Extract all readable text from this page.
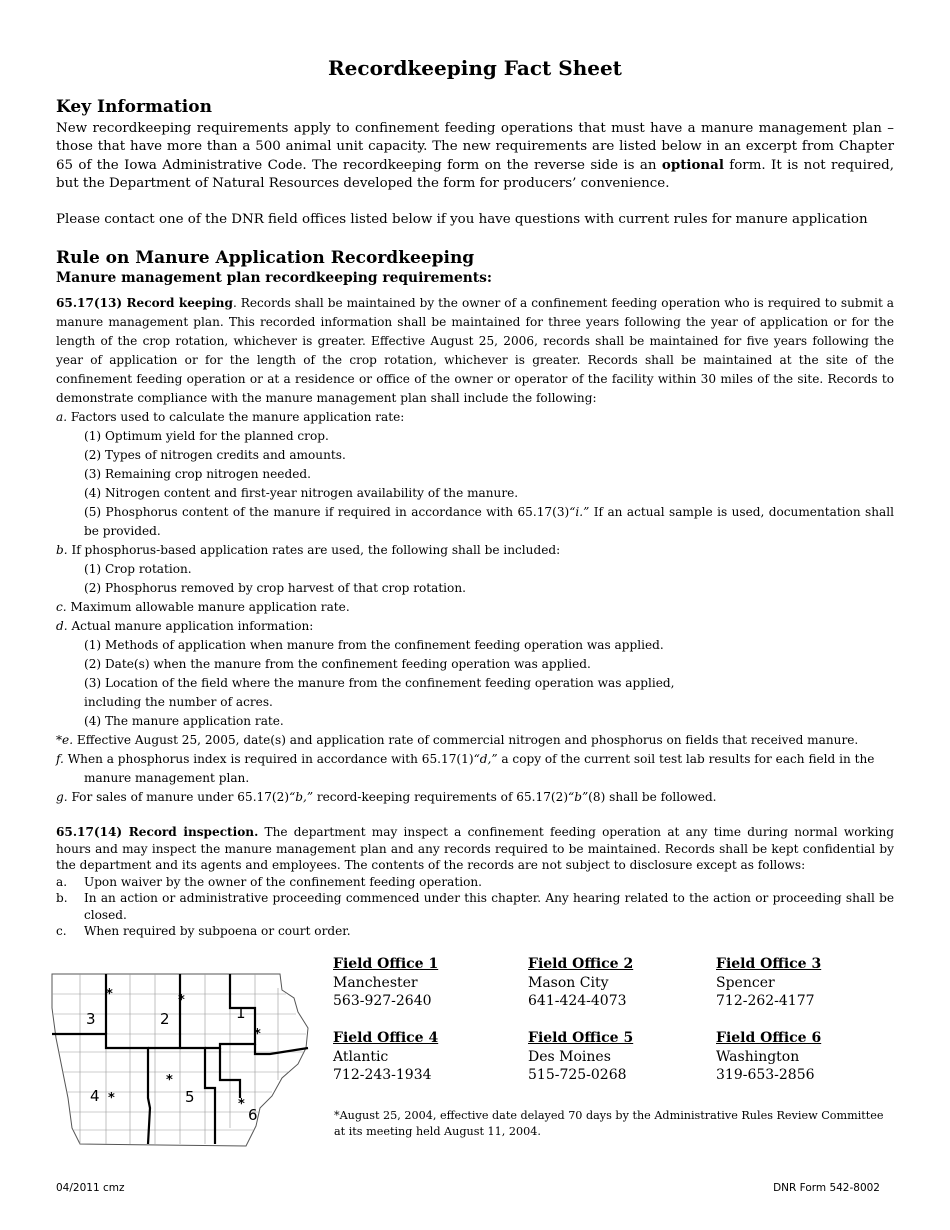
Recordkeeping Fact Sheet
Key Information
New recordkeeping requirements apply to confinement feeding operations that must have a manure management plan – those that have more than a 500 animal unit capacity. The new requirements are listed below in an excerpt from Chapter 65 of the Iowa Administrative Code. The recordkeeping form on the reverse side is an optional form. It is not required, but the Department of Natural Resources developed the form for producers’ convenience.
Please contact one of the DNR field offices listed below if you have questions with current rules for manure application
Rule on Manure Application Recordkeeping
Manure management plan recordkeeping requirements:
65.17(13) Record keeping. Records shall be maintained by the owner of a confinement feeding operation who is required to submit a manure management plan. This recorded information shall be maintained for three years following the year of application or for the length of the crop rotation, whichever is greater. Effective August 25, 2006, records shall be maintained for five years following the year of application or for the length of the crop rotation, whichever is greater. Records shall be maintained at the site of the confinement feeding operation or at a residence or office of the owner or operator of the facility within 30 miles of the site. Records to demonstrate compliance with the manure management plan shall include the following:
a. Factors used to calculate the manure application rate:
(1) Optimum yield for the planned crop.
(2) Types of nitrogen credits and amounts.
(3) Remaining crop nitrogen needed.
(4) Nitrogen content and first-year nitrogen availability of the manure.
(5) Phosphorus content of the manure if required in accordance with 65.17(3)“i.” If an actual sample is used, documentation shall be provided.
b. If phosphorus-based application rates are used, the following shall be included:
(1) Crop rotation.
(2) Phosphorus removed by crop harvest of that crop rotation.
c. Maximum allowable manure application rate.
d. Actual manure application information:
(1) Methods of application when manure from the confinement feeding operation was applied.
(2) Date(s) when the manure from the confinement feeding operation was applied.
(3) Location of the field where the manure from the confinement feeding operation was applied,
including the number of acres.
(4) The manure application rate.
*e. Effective August 25, 2005, date(s) and application rate of commercial nitrogen and phosphorus on fields that received manure.
f. When a phosphorus index is required in accordance with 65.17(1)“d,” a copy of the current soil test lab results for each field in the manure management plan.
g. For sales of manure under 65.17(2)“b,” record-keeping requirements of 65.17(2)“b”(8) shall be followed.
65.17(14) Record inspection. The department may inspect a confinement feeding operation at any time during normal working hours and may inspect the manure management plan and any records required to be maintained. Records shall be kept confidential by the department and its agents and employees. The contents of the records are not subject to disclosure except as follows:
a.	Upon waiver by the owner of the confinement feeding operation.
b.	In an action or administrative proceeding commenced under this chapter. Any hearing related to the action or proceeding shall be closed.
c.	When required by subpoena or court order.
Field Office 1
Manchester
563-927-2640
Field Office 2
Mason City
641-424-4073
Field Office 3
Spencer
712-262-4177
Field Office 4
Atlantic
712-243-1934
Field Office 5
Des Moines
515-725-0268
Field Office 6
Washington
319-653-2856
*August 25, 2004, effective date delayed 70 days by the Administrative Rules Review Committee at its meeting held August 11, 2004.
04/2011 cmz	DNR Form 542-8002
3	2	1
4	5
6
*	*
*
*
*
*
